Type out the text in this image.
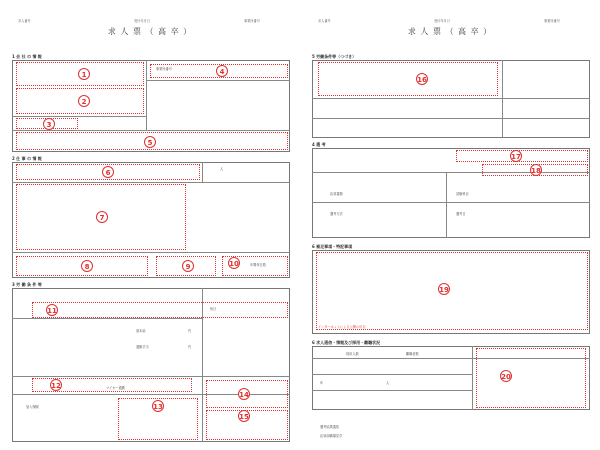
求人番号	受付年月日	事業所番号
求 人 票 （ 高 卒 ）
1 会 社 の 情 報
事業所番号
1
2
3
4
5
2 仕 事 の 情 報
人
6
7
8	9	10	年間休日数
3 労 働 条 件 等
基本給	円
通勤手当	円
マイカー通勤
休日
加入保険
11
12
13
14
15
求人番号	受付年月日	事業所番号
求 人 票 （ 高 卒 ）
5 労働条件等（つづき）
16
4 選 考
応募書類
選考方法	選考日
試験科目
17
18
6 補足事項・特記事項
19
インターネットによる公開の可否
6 求人通信・情報及び採用・離職状況
採用人数	離職者数
年	人
20
選考結果通知
応募前職場見学
